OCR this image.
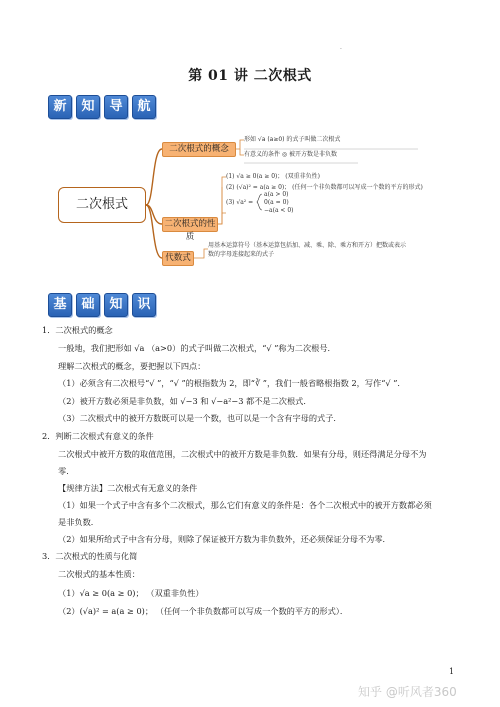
·
第 01 讲 二次根式
新	知	导	航
二次根式
二次根式的概念
二次根式的性质
代数式
形如 √a (a≥0) 的式子叫做二次根式
有意义的条件 ◎ 被开方数是非负数
(1) √a ≥ 0(a ≥ 0)； (双重非负性)
(2) (√a)² = a(a ≥ 0)； (任何一个非负数都可以写成一个数的平方的形式)
(3) √a² =
a(a > 0)
0(a = 0)
−a(a < 0)
用基本运算符号（基本运算包括加、减、乘、除、乘方和开方）把数或表示
数的字母连接起来的式子
基	础	知	识
1．二次根式的概念
一般地，我们把形如 √a （a>0）的式子叫做二次根式，“√ ”称为二次根号．
理解二次根式的概念，要把握以下四点：
（1）必须含有二次根号“√ ”，“√ ”的根指数为 2，即“∛ ”，我们一般省略根指数 2，写作“√ ”．
（2）被开方数必须是非负数，如 √−3 和 √−a²−3 都不是二次根式．
（3）二次根式中的被开方数既可以是一个数，也可以是一个含有字母的式子．
2．判断二次根式有意义的条件
二次根式中被开方数的取值范围，二次根式中的被开方数是非负数．如果有分母，则还得满足分母不为
零．
【规律方法】二次根式有无意义的条件
（1）如果一个式子中含有多个二次根式，那么它们有意义的条件是：各个二次根式中的被开方数都必须
是非负数．
（2）如果所给式子中含有分母，则除了保证被开方数为非负数外，还必须保证分母不为零．
3．二次根式的性质与化简
二次根式的基本性质：
（1）√a ≥ 0(a ≥ 0)； （双重非负性）
（2）(√a)² = a(a ≥ 0)； （任何一个非负数都可以写成一个数的平方的形式）．
1
知乎 @听风者360
